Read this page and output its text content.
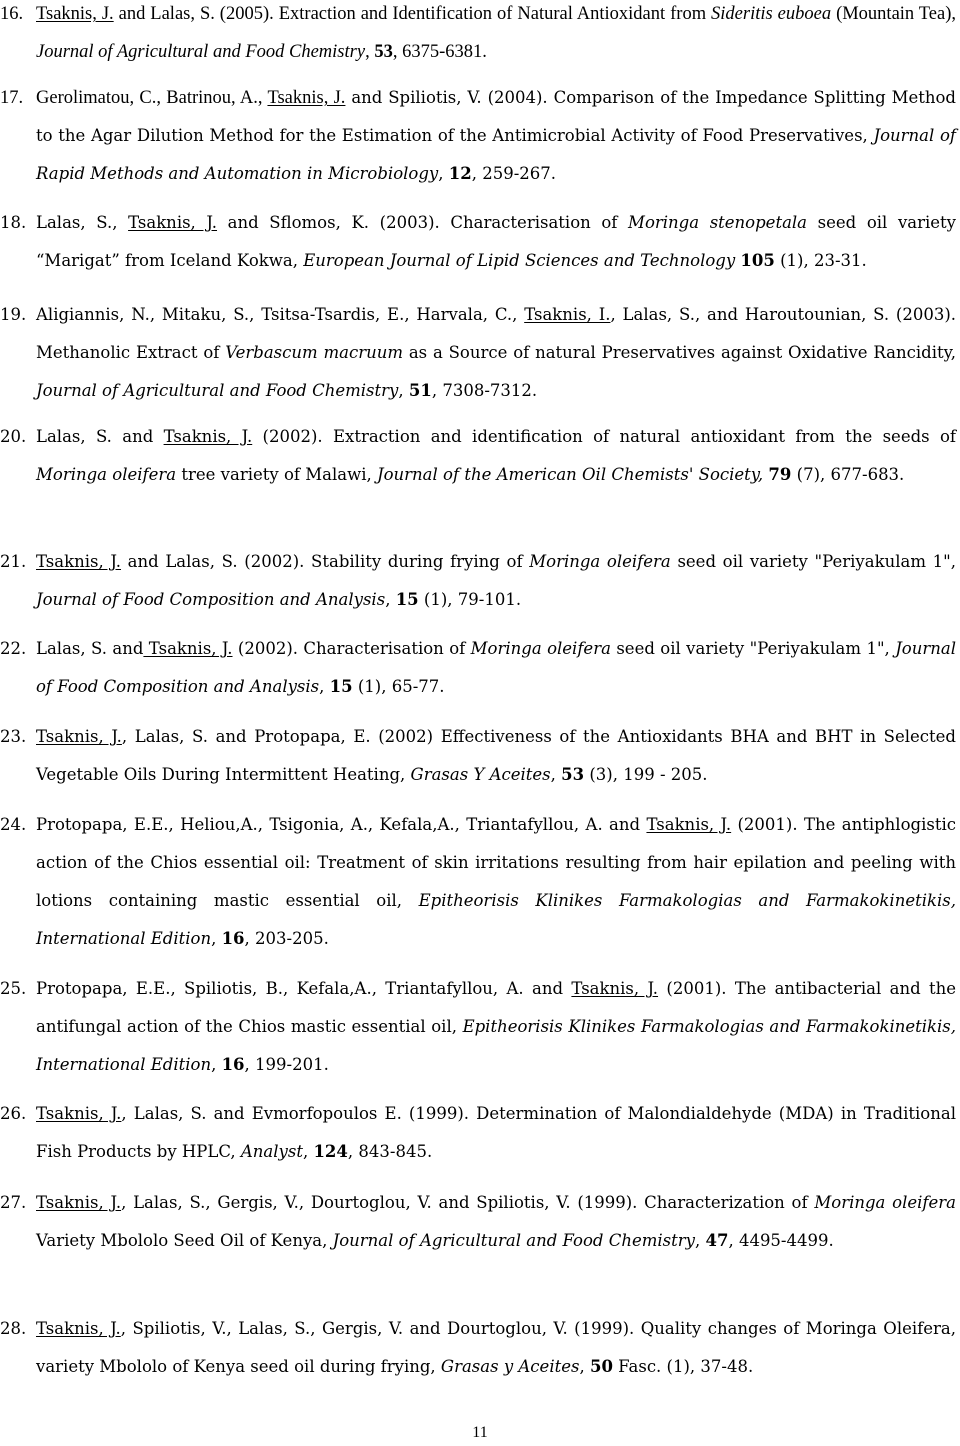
16. Tsaknis, J. and Lalas, S. (2005). Extraction and Identification of Natural Antioxidant from Sideritis euboea (Mountain Tea), Journal of Agricultural and Food Chemistry, 53, 6375-6381.
17. Gerolimatou, C., Batrinou, A., Tsaknis, J. and Spiliotis, V. (2004). Comparison of the Impedance Splitting Method to the Agar Dilution Method for the Estimation of the Antimicrobial Activity of Food Preservatives, Journal of Rapid Methods and Automation in Microbiology, 12, 259-267.
18. Lalas, S., Tsaknis, J. and Sflomos, K. (2003). Characterisation of Moringa stenopetala seed oil variety “Marigat” from Iceland Kokwa, European Journal of Lipid Sciences and Technology 105 (1), 23-31.
19. Aligiannis, N., Mitaku, S., Tsitsa-Tsardis, E., Harvala, C., Tsaknis, I., Lalas, S., and Haroutounian, S. (2003). Methanolic Extract of Verbascum macruum as a Source of natural Preservatives against Oxidative Rancidity, Journal of Agricultural and Food Chemistry, 51, 7308-7312.
20. Lalas, S. and Tsaknis, J. (2002). Extraction and identification of natural antioxidant from the seeds of Moringa oleifera tree variety of Malawi, Journal of the American Oil Chemists' Society, 79 (7), 677-683.
21. Tsaknis, J. and Lalas, S. (2002). Stability during frying of Moringa oleifera seed oil variety "Periyakulam 1", Journal of Food Composition and Analysis, 15 (1), 79-101.
22. Lalas, S. and Tsaknis, J. (2002). Characterisation of Moringa oleifera seed oil variety "Periyakulam 1", Journal of Food Composition and Analysis, 15 (1), 65-77.
23. Tsaknis, J., Lalas, S. and Protopapa, E. (2002) Effectiveness of the Antioxidants BHA and BHT in Selected Vegetable Oils During Intermittent Heating, Grasas Y Aceites, 53 (3), 199 - 205.
24. Protopapa, E.E., Heliou,A., Tsigonia, A., Kefala,A., Triantafyllou, A. and Tsaknis, J. (2001). The antiphlogistic action of the Chios essential oil: Treatment of skin irritations resulting from hair epilation and peeling with lotions containing mastic essential oil, Epitheorisis Klinikes Farmakologias and Farmakokinetikis, International Edition, 16, 203-205.
25. Protopapa, E.E., Spiliotis, B., Kefala,A., Triantafyllou, A. and Tsaknis, J. (2001). The antibacterial and the antifungal action of the Chios mastic essential oil, Epitheorisis Klinikes Farmakologias and Farmakokinetikis, International Edition, 16, 199-201.
26. Tsaknis, J., Lalas, S. and Evmorfopoulos E. (1999). Determination of Malondialdehyde (MDA) in Traditional Fish Products by HPLC, Analyst, 124, 843-845.
27. Tsaknis, J., Lalas, S., Gergis, V., Dourtoglou, V. and Spiliotis, V. (1999). Characterization of Moringa oleifera Variety Mbololo Seed Oil of Kenya, Journal of Agricultural and Food Chemistry, 47, 4495-4499.
28. Tsaknis, J., Spiliotis, V., Lalas, S., Gergis, V. and Dourtoglou, V. (1999). Quality changes of Moringa Oleifera, variety Mbololo of Kenya seed oil during frying, Grasas y Aceites, 50 Fasc. (1), 37-48.
11
